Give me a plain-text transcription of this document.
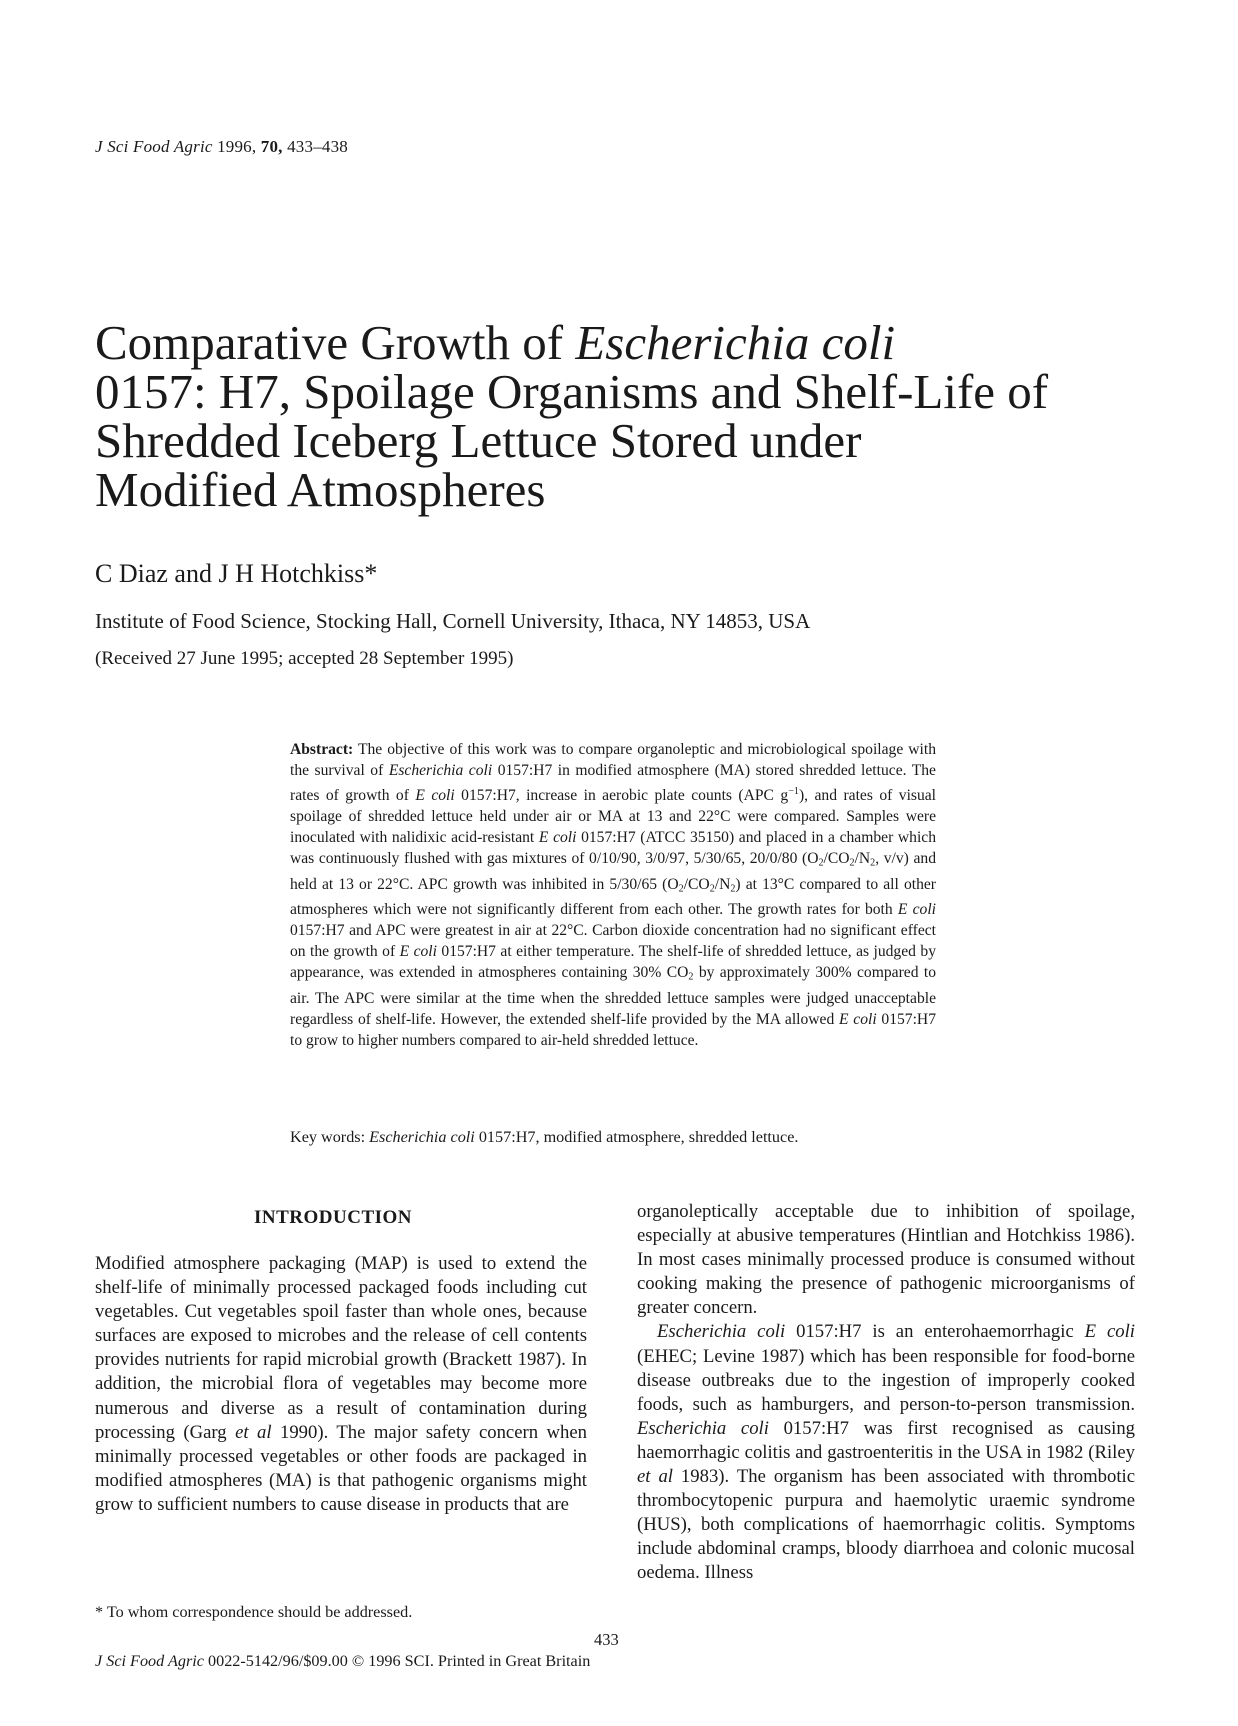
J Sci Food Agric 1996, 70, 433–438
Comparative Growth of Escherichia coli
0157: H7, Spoilage Organisms and Shelf-Life of
Shredded Iceberg Lettuce Stored under
Modified Atmospheres
C Diaz and J H Hotchkiss*
Institute of Food Science, Stocking Hall, Cornell University, Ithaca, NY 14853, USA
(Received 27 June 1995; accepted 28 September 1995)
Abstract: The objective of this work was to compare organoleptic and microbiological spoilage with the survival of Escherichia coli 0157:H7 in modified atmosphere (MA) stored shredded lettuce. The rates of growth of E coli 0157:H7, increase in aerobic plate counts (APC $g^{-1}$), and rates of visual spoilage of shredded lettuce held under air or MA at 13 and 22°C were compared. Samples were inoculated with nalidixic acid-resistant E coli 0157:H7 (ATCC 35150) and placed in a chamber which was continuously flushed with gas mixtures of 0/10/90, 3/0/97, 5/30/65, 20/0/80 ($O_2/CO_2/N_2$, v/v) and held at 13 or 22°C. APC growth was inhibited in 5/30/65 $(O_2/CO_2/N_2)$ at 13°C compared to all other atmospheres which were not significantly different from each other. The growth rates for both E coli 0157:H7 and APC were greatest in air at 22°C. Carbon dioxide concentration had no significant effect on the growth of E coli 0157:H7 at either temperature. The shelf-life of shredded lettuce, as judged by appearance, was extended in atmospheres containing 30% $CO_2$ by approximately 300% compared to air. The APC were similar at the time when the shredded lettuce samples were judged unacceptable regardless of shelf-life. However, the extended shelf-life provided by the MA allowed E coli 0157:H7 to grow to higher numbers compared to air-held shredded lettuce.
Key words: Escherichia coli 0157:H7, modified atmosphere, shredded lettuce.
INTRODUCTION

Modified atmosphere packaging (MAP) is used to extend the shelf-life of minimally processed packaged foods including cut vegetables. Cut vegetables spoil faster than whole ones, because surfaces are exposed to microbes and the release of cell contents provides nutrients for rapid microbial growth (Brackett 1987). In addition, the microbial flora of vegetables may become more numerous and diverse as a result of contamination during processing (Garg et al 1990). The major safety concern when minimally processed vegetables or other foods are packaged in modified atmospheres (MA) is that pathogenic organisms might grow to sufficient numbers to cause disease in products that are

organoleptically acceptable due to inhibition of spoilage, especially at abusive temperatures (Hintlian and Hotchkiss 1986). In most cases minimally processed produce is consumed without cooking making the presence of pathogenic microorganisms of greater concern.

Escherichia coli 0157:H7 is an enterohaemorrhagic E coli (EHEC; Levine 1987) which has been responsible for food-borne disease outbreaks due to the ingestion of improperly cooked foods, such as hamburgers, and person-to-person transmission. Escherichia coli 0157:H7 was first recognised as causing haemorrhagic colitis and gastroenteritis in the USA in 1982 (Riley et al 1983). The organism has been associated with thrombotic thrombocytopenic purpura and haemolytic uraemic syndrome (HUS), both complications of haemorrhagic colitis. Symptoms include abdominal cramps, bloody diarrhoea and colonic mucosal oedema. Illness

* To whom correspondence should be addressed.
433
J Sci Food Agric 0022-5142/96/$09.00 © 1996 SCI. Printed in Great Britain
